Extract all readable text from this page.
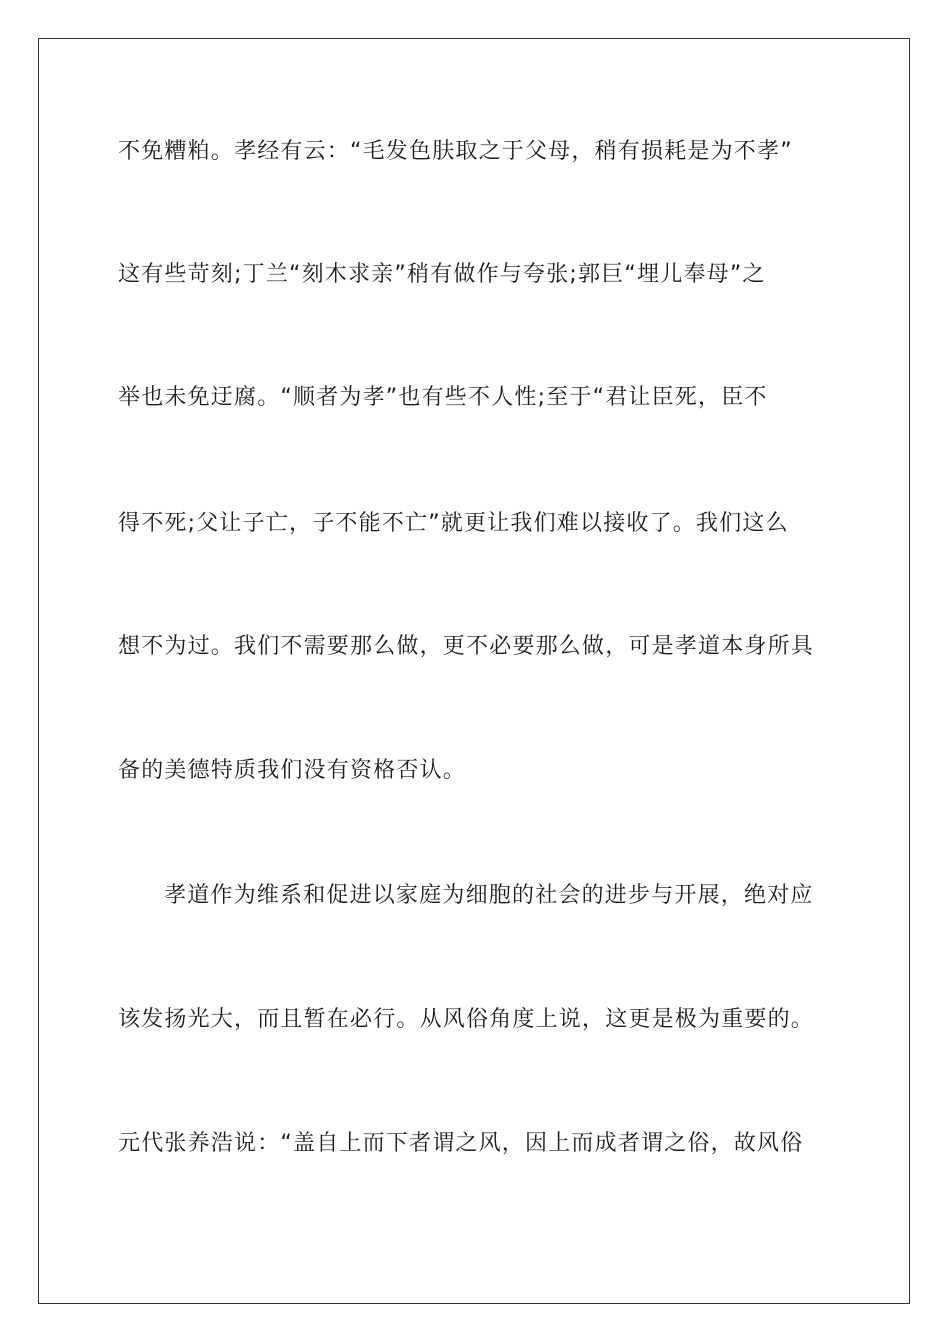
不免糟粕。孝经有云：“毛发色肤取之于父母，稍有损耗是为不孝”
这有些苛刻;丁兰“刻木求亲”稍有做作与夸张;郭巨“埋儿奉母”之
举也未免迂腐。“顺者为孝”也有些不人性;至于“君让臣死，臣不
得不死;父让子亡，子不能不亡”就更让我们难以接收了。我们这么
想不为过。我们不需要那么做，更不必要那么做，可是孝道本身所具
备的美德特质我们没有资格否认。
孝道作为维系和促进以家庭为细胞的社会的进步与开展，绝对应
该发扬光大，而且暂在必行。从风俗角度上说，这更是极为重要的。
元代张养浩说：“盖自上而下者谓之风，因上而成者谓之俗，故风俗
